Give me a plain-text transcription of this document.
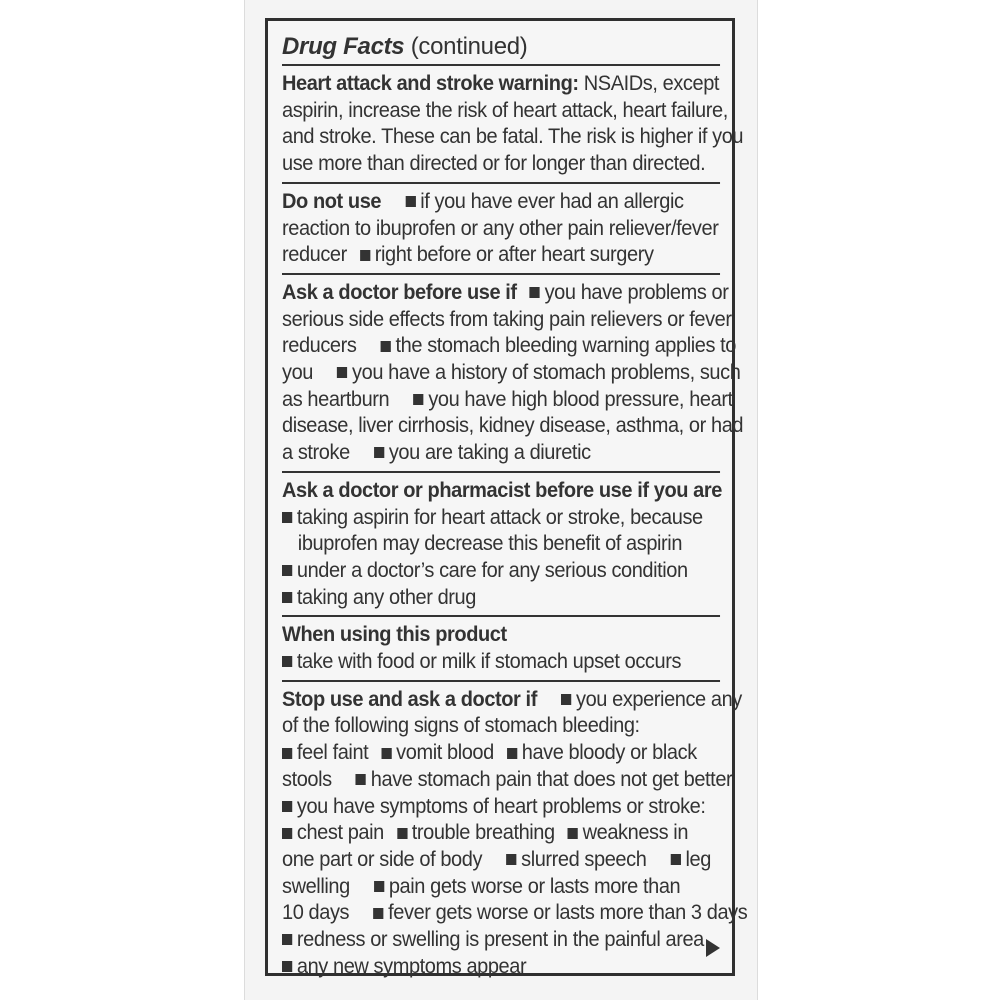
Drug Facts (continued)
Heart attack and stroke warning: NSAIDs, except
aspirin, increase the risk of heart attack, heart failure,
and stroke. These can be fatal. The risk is higher if you
use more than directed or for longer than directed.
Do not use if you have ever had an allergic
reaction to ibuprofen or any other pain reliever/fever
reducer right before or after heart surgery
Ask a doctor before use if you have problems or
serious side effects from taking pain relievers or fever
reducers the stomach bleeding warning applies to
you you have a history of stomach problems, such
as heartburn you have high blood pressure, heart
disease, liver cirrhosis, kidney disease, asthma, or had
a stroke you are taking a diuretic
Ask a doctor or pharmacist before use if you are
taking aspirin for heart attack or stroke, because
ibuprofen may decrease this benefit of aspirin
under a doctor’s care for any serious condition
taking any other drug
When using this product
take with food or milk if stomach upset occurs
Stop use and ask a doctor if you experience any
of the following signs of stomach bleeding:
feel faint vomit blood have bloody or black
stools have stomach pain that does not get better
you have symptoms of heart problems or stroke:
chest pain trouble breathing weakness in
one part or side of body slurred speech leg
swelling pain gets worse or lasts more than
10 days fever gets worse or lasts more than 3 days
redness or swelling is present in the painful area
any new symptoms appear
